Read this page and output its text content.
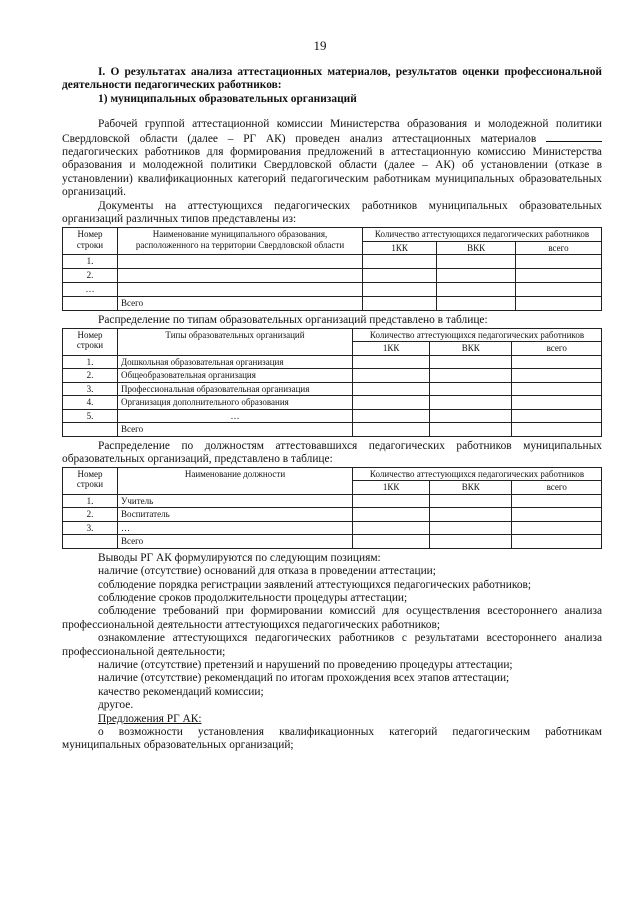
19

I. О результатах анализа аттестационных материалов, результатов оценки профессиональной деятельности педагогических работников:

1) муниципальных образовательных организаций

Рабочей группой аттестационной комиссии Министерства образования и молодежной политики Свердловской области (далее – РГ АК) проведен анализ аттестационных материалов  педагогических работников для формирования предложений в аттестационную комиссию Министерства образования и молодежной политики Свердловской области (далее – АК) об установлении (отказе в установлении) квалификационных категорий педагогическим работникам муниципальных образовательных организаций.

Документы на аттестующихся педагогических работников муниципальных образовательных организаций различных типов представлены из:

Номер строки	Наименование муниципального образования, расположенного на территории Свердловской области	Количество аттестующихся педагогических работников		
		1КК	ВКК	всего
1.				
2.				
…				
	Всего			

Распределение по типам образовательных организаций представлено в таблице:

Номер строки	Типы образовательных организаций	Количество аттестующихся педагогических работников		
		1КК	ВКК	всего
1.	Дошкольная образовательная организация			
2.	Общеобразовательная организация			
3.	Профессиональная образовательная организация			
4.	Организация дополнительного образования			
5.	…			
	Всего			

Распределение по должностям аттестовавшихся педагогических работников муниципальных образовательных организаций, представлено в таблице:

Номер строки	Наименование должности	Количество аттестующихся педагогических работников		
		1КК	ВКК	всего
1.	Учитель			
2.	Воспитатель			
3.	…			
	Всего			

Выводы РГ АК формулируются по следующим позициям:

наличие (отсутствие) оснований для отказа в проведении аттестации;

соблюдение порядка регистрации заявлений аттестующихся педагогических работников;

соблюдение сроков продолжительности процедуры аттестации;

соблюдение требований при формировании комиссий для осуществления всестороннего анализа профессиональной деятельности аттестующихся педагогических работников;

ознакомление аттестующихся педагогических работников с результатами всестороннего анализа профессиональной деятельности;

наличие (отсутствие) претензий и нарушений по проведению процедуры аттестации;

наличие (отсутствие) рекомендаций по итогам прохождения всех этапов аттестации;

качество рекомендаций комиссии;

другое.

Предложения РГ АК:

о возможности установления квалификационных категорий педагогическим работникам муниципальных образовательных организаций;
